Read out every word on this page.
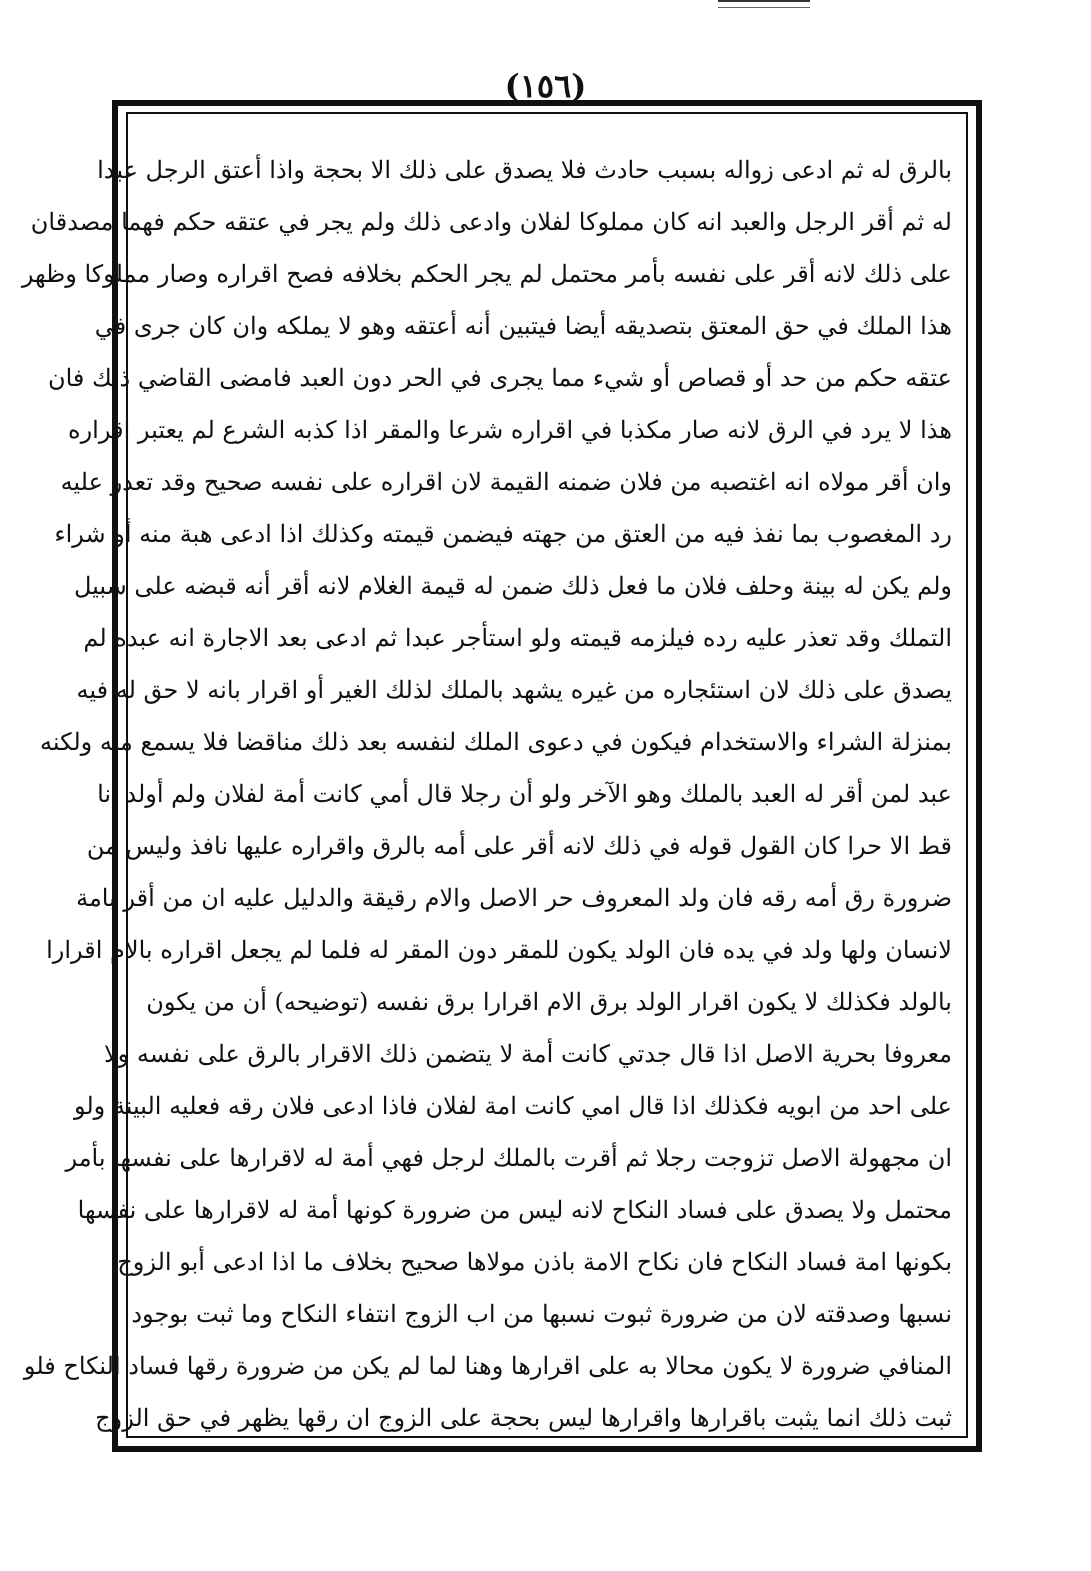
(١٥٦)
بالرق له ثم ادعى زواله بسبب حادث فلا يصدق على ذلك الا بحجة واذا أعتق الرجل عبدا
له ثم أقر الرجل والعبد انه كان مملوكا لفلان وادعى ذلك ولم يجر في عتقه حكم فهما مصدقان
على ذلك لانه أقر على نفسه بأمر محتمل لم يجر الحكم بخلافه فصح اقراره وصار مملوكا وظهر
هذا الملك في حق المعتق بتصديقه أيضا فيتبين أنه أعتقه وهو لا يملكه وان كان جرى في
عتقه حكم من حد أو قصاص أو شيء مما يجرى في الحر دون العبد فامضى القاضي ذلك فان
هذا لا يرد في الرق لانه صار مكذبا في اقراره شرعا والمقر اذا كذبه الشرع لم يعتبر اقراره
وان أقر مولاه انه اغتصبه من فلان ضمنه القيمة لان اقراره على نفسه صحيح وقد تعذر عليه
رد المغصوب بما نفذ فيه من العتق من جهته فيضمن قيمته وكذلك اذا ادعى هبة منه أو شراء
ولم يكن له بينة وحلف فلان ما فعل ذلك ضمن له قيمة الغلام لانه أقر أنه قبضه على سبيل
التملك وقد تعذر عليه رده فيلزمه قيمته ولو استأجر عبدا ثم ادعى بعد الاجارة انه عبده لم
يصدق على ذلك لان استئجاره من غيره يشهد بالملك لذلك الغير أو اقرار بانه لا حق له فيه
بمنزلة الشراء والاستخدام فيكون في دعوى الملك لنفسه بعد ذلك مناقضا فلا يسمع منه ولكنه
عبد لمن أقر له العبد بالملك وهو الآخر ولو أن رجلا قال أمي كانت أمة لفلان ولم أولد انا
قط الا حرا كان القول قوله في ذلك لانه أقر على أمه بالرق واقراره عليها نافذ وليس من
ضرورة رق أمه رقه فان ولد المعروف حر الاصل والام رقيقة والدليل عليه ان من أقر بامة
لانسان ولها ولد في يده فان الولد يكون للمقر دون المقر له فلما لم يجعل اقراره بالام اقرارا
بالولد فكذلك لا يكون اقرار الولد برق الام اقرارا برق نفسه (توضيحه) أن من يكون
معروفا بحرية الاصل اذا قال جدتي كانت أمة لا يتضمن ذلك الاقرار بالرق على نفسه ولا
على احد من ابويه فكذلك اذا قال امي كانت امة لفلان فاذا ادعى فلان رقه فعليه البينة ولو
ان مجهولة الاصل تزوجت رجلا ثم أقرت بالملك لرجل فهي أمة له لاقرارها على نفسها بأمر
محتمل ولا يصدق على فساد النكاح لانه ليس من ضرورة كونها أمة له لاقرارها على نفسها
بكونها امة فساد النكاح فان نكاح الامة باذن مولاها صحيح بخلاف ما اذا ادعى أبو الزوج
نسبها وصدقته لان من ضرورة ثبوت نسبها من اب الزوج انتفاء النكاح وما ثبت بوجود
المنافي ضرورة لا يكون محالا به على اقرارها وهنا لما لم يكن من ضرورة رقها فساد النكاح فلو
ثبت ذلك انما يثبت باقرارها واقرارها ليس بحجة على الزوج ان رقها يظهر في حق الزوج
